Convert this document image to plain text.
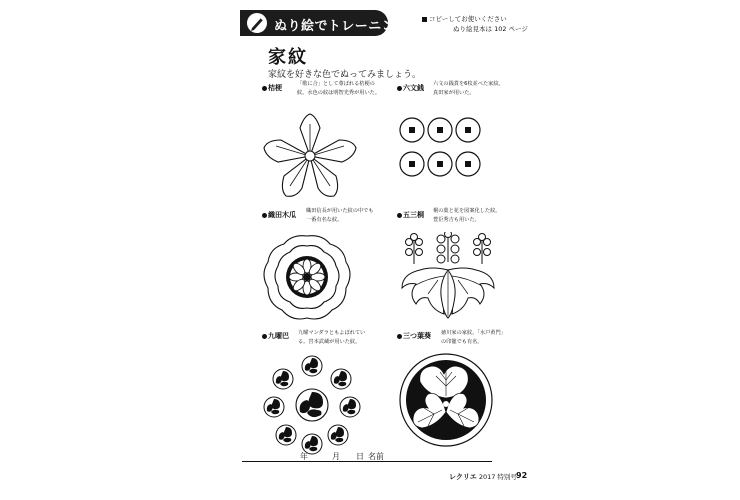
ぬり絵でトレーニング	コピーしてお使いください
ぬり絵見本は 102 ページ
家紋
家紋を好きな色でぬってみましょう。
桔梗	「歌に合」として尊ばれる桔梗の
紋。水色の紋は明智光秀が用いた。
六文銭 六文の銭貨を6枚並べた家紋。
真田家が用いた。
織田木瓜 織田信長が用いた紋の中でも
一番有名な紋。
五三桐 桐の葉と花を図案化した紋。
豊臣秀吉も用いた。
九曜巴 九曜マンダラともよばれてい
る。宮本武蔵が用いた紋。
三つ葉葵 徳川家の家紋。「水戸黄門」
の印籠でも有名。
年	月 日 名前
レクリエ 2017 特別号 92
